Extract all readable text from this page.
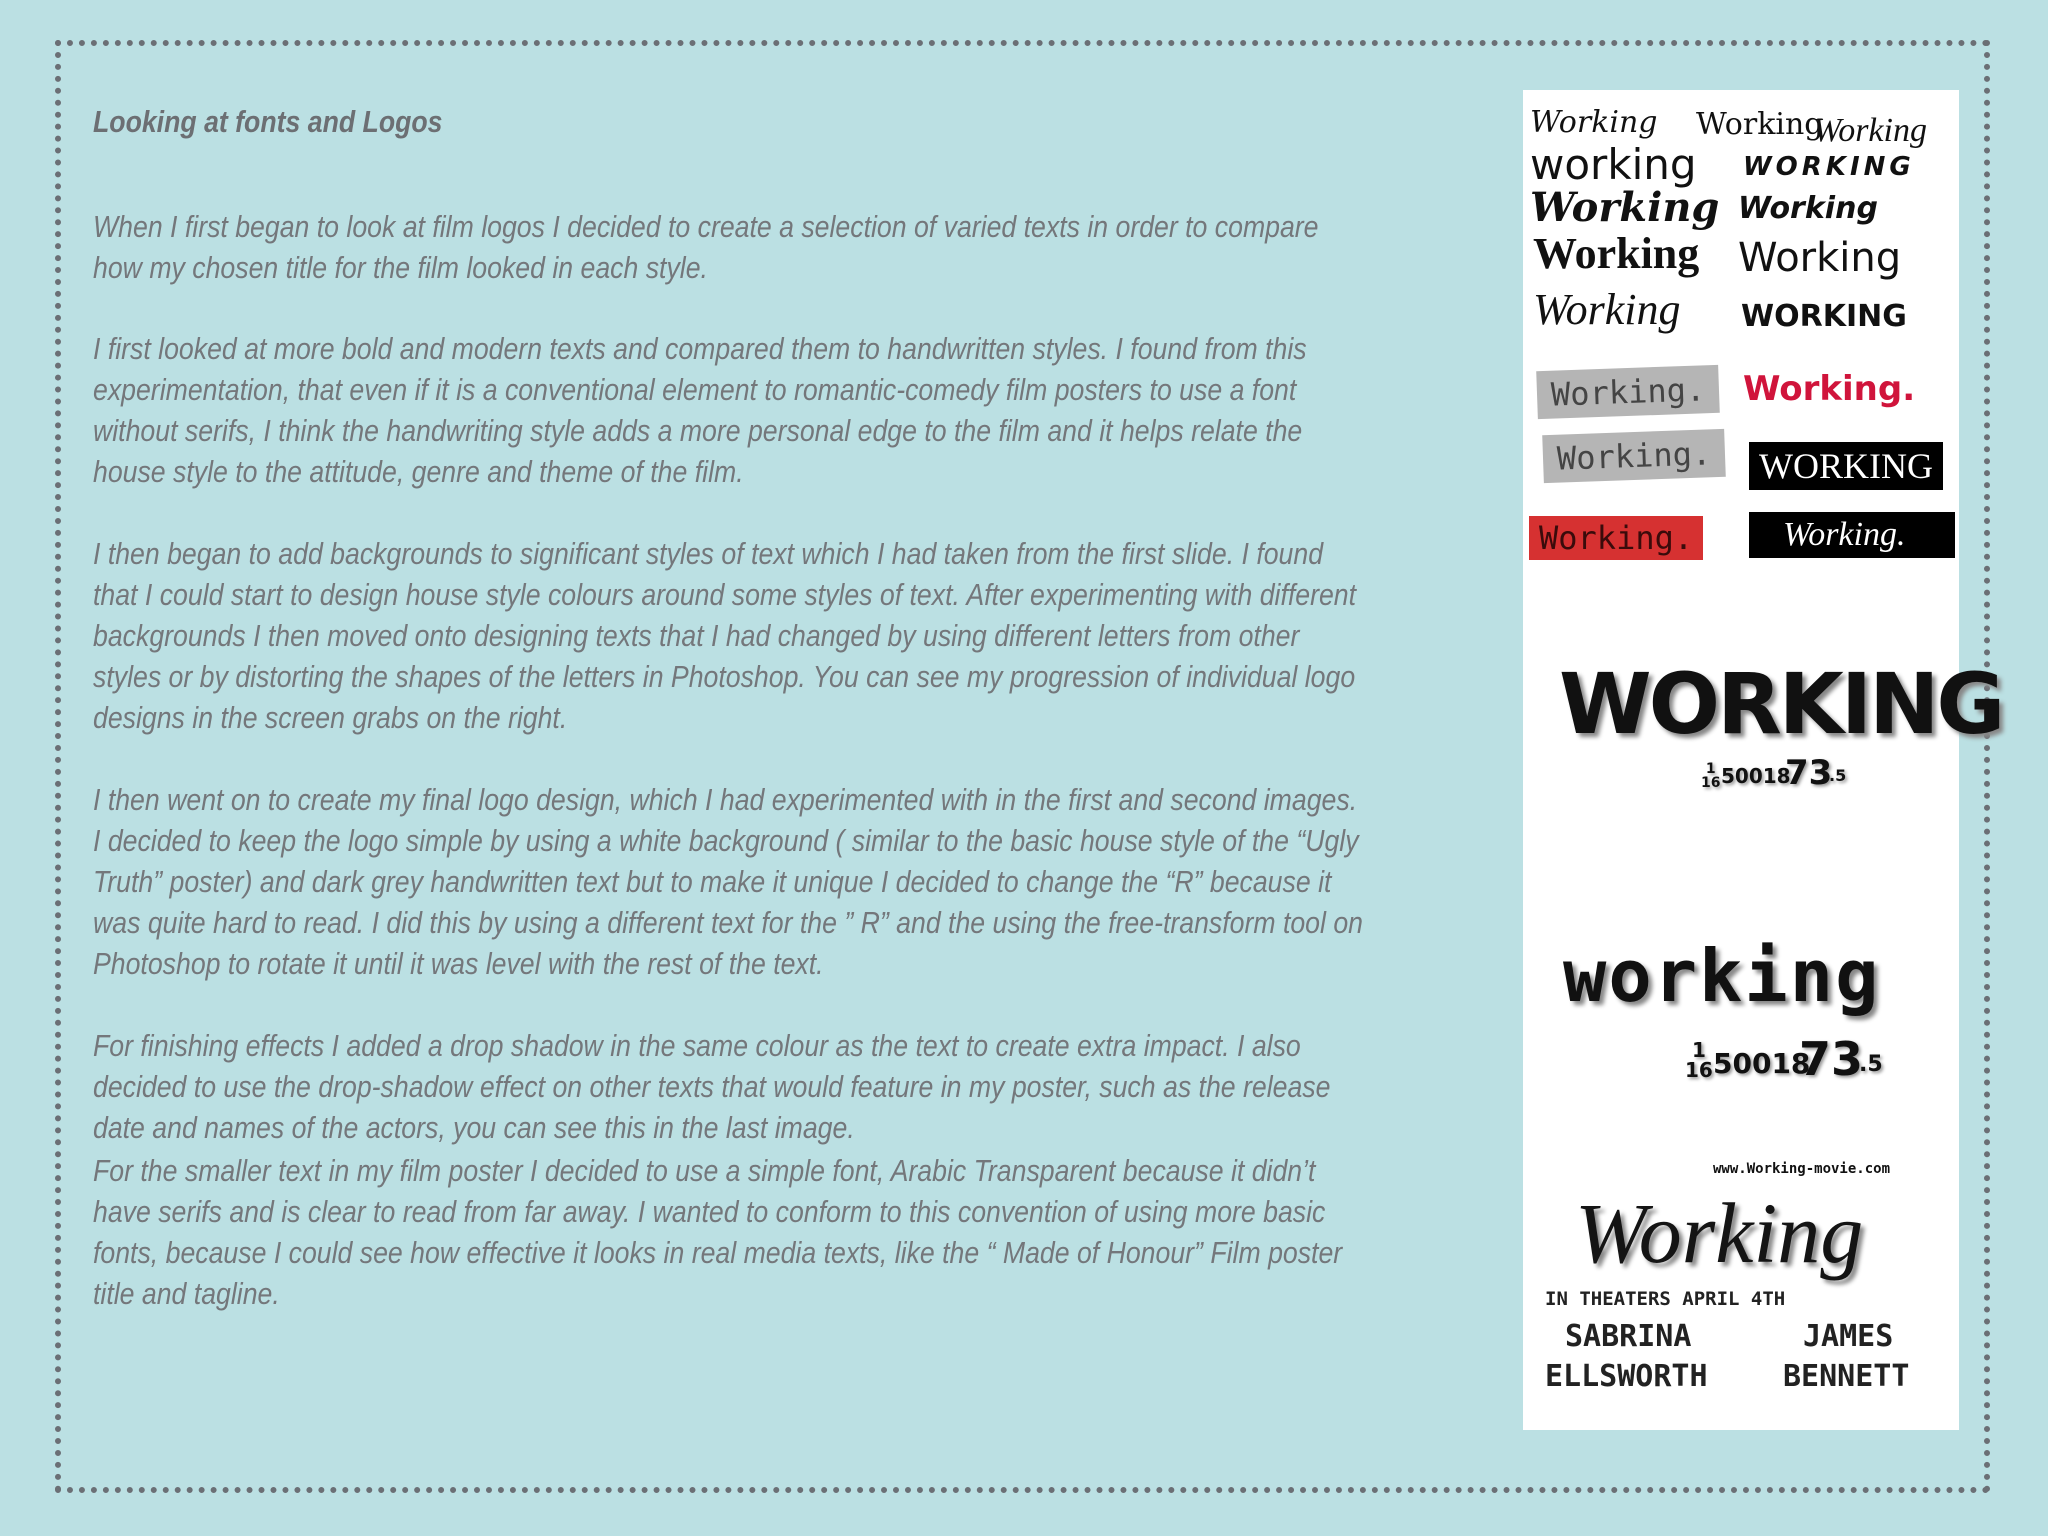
Looking at fonts and Logos

When I first began to look at film logos I decided to create a selection of varied texts in order to compare how my chosen title for the film looked in each style.

I first looked at more bold and modern texts and compared them to handwritten styles. I found from this experimentation, that even if it is a conventional element to romantic-comedy film posters to use a font without serifs, I think the handwriting style adds a more personal edge to the film and it helps relate the house style to the attitude, genre and theme of the film.

I then began to add backgrounds to significant styles of text which I had taken from the first slide. I found that I could start to design house style colours around some styles of text. After experimenting with different backgrounds I then moved onto designing texts that I had changed by using different letters from other styles or by distorting the shapes of the letters in Photoshop. You can see my progression of individual logo designs in the screen grabs on the right.

I then went on to create my final logo design, which I had experimented with in the first and second images. I decided to keep the logo simple by using a white background ( similar to the basic house style of the “Ugly Truth” poster) and dark grey handwritten text but to make it unique I decided to change the “R” because it was quite hard to read. I did this by using a different text for the ” R” and the using the free-transform tool on Photoshop to rotate it until it was level with the rest of the text.

For finishing effects I added a drop shadow in the same colour as the text to create extra impact. I also decided to use the drop-shadow effect on other texts that would feature in my poster, such as the release date and names of the actors, you can see this in the last image.

For the smaller text in my film poster I decided to use a simple font, Arabic Transparent because it didn’t have serifs and is clear to read from far away. I wanted to conform to this convention of using more basic fonts, because I could see how effective it looks in real media texts, like the “ Made of Honour” Film poster title and tagline.

Working Working
Working
working WORKING
Working Working
Working Working
Working WORKING
Working.	Working.
Working.	WORKING
Working.	Working.
WORKING
1
16 50018
73
.5
working
1
16 50018
73
.5
www.Working-movie.com
Working
IN THEATERS APRIL 4TH
SABRINA	JAMES
ELLSWORTH	BENNETT
